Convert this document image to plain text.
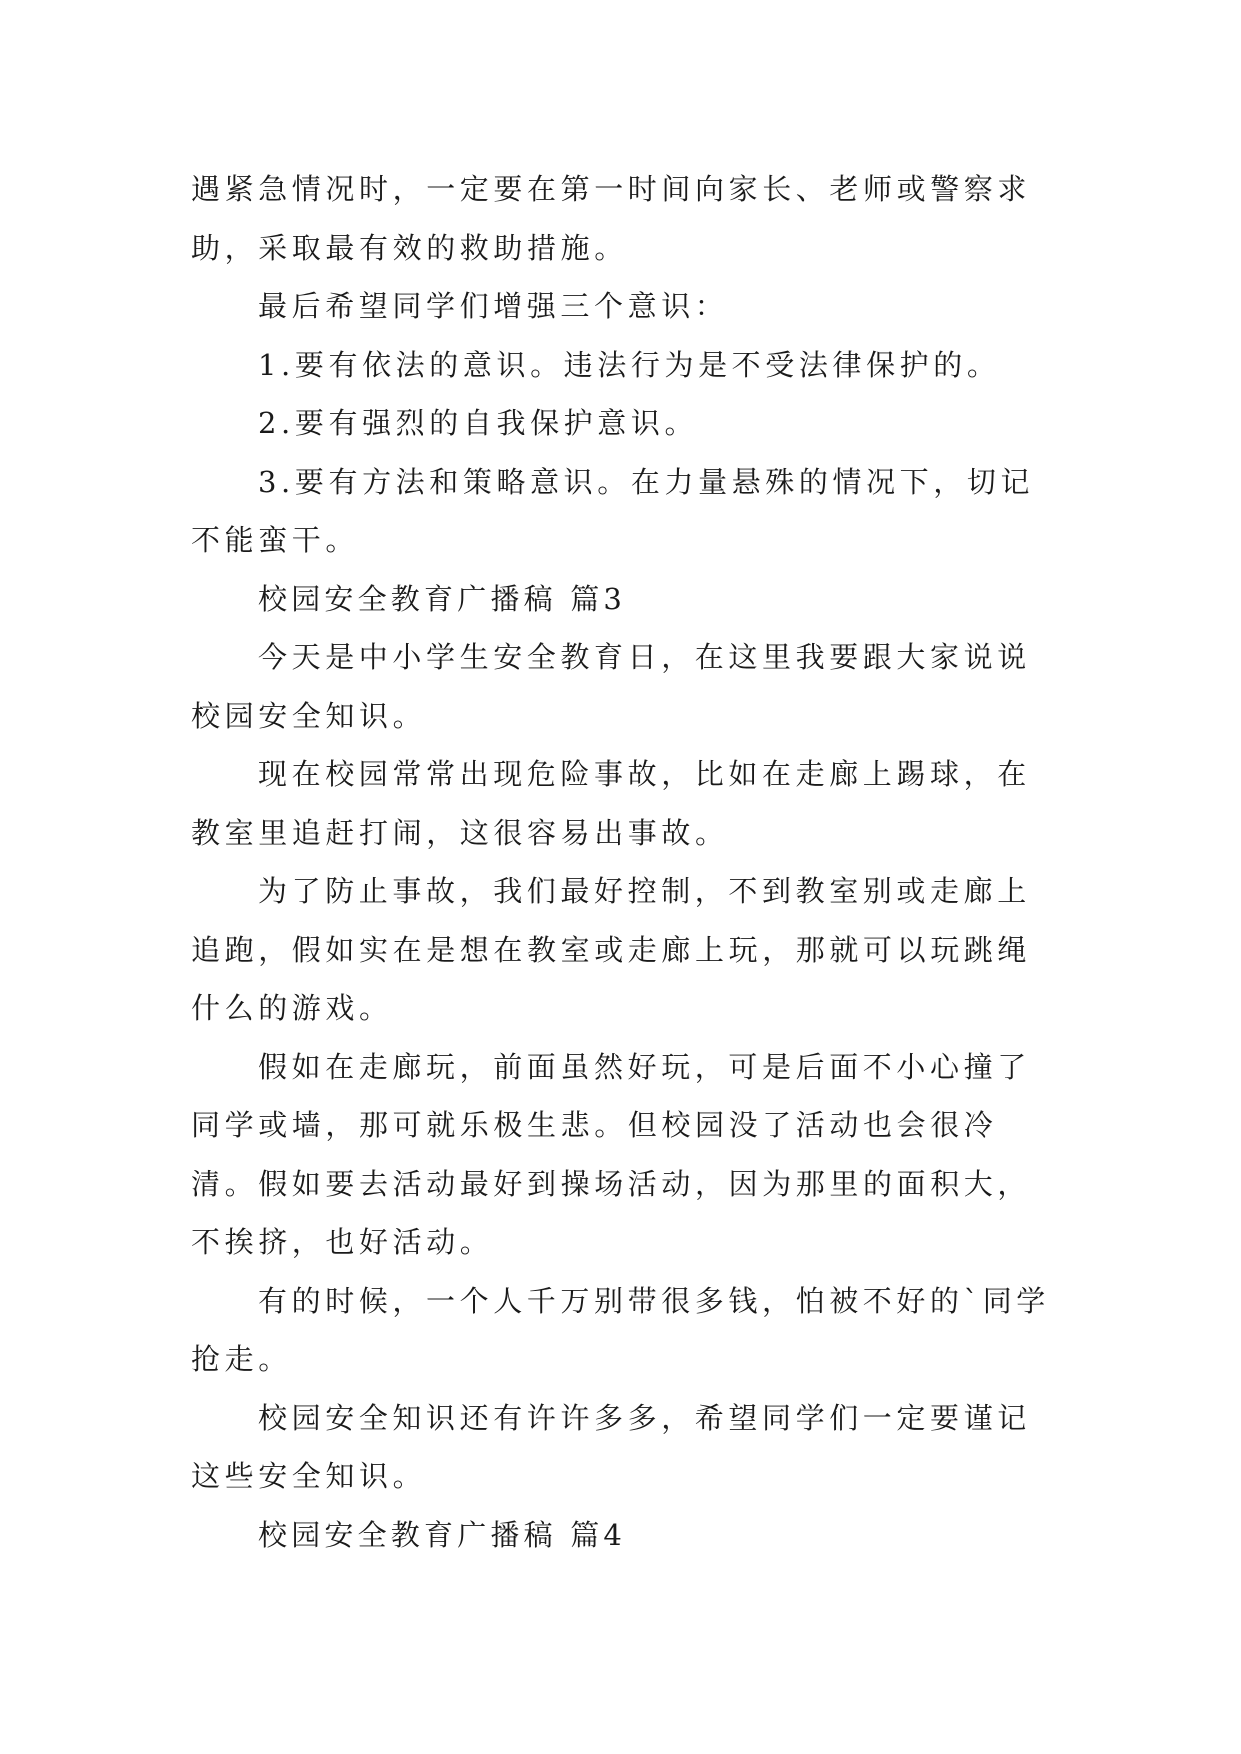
遇紧急情况时，一定要在第一时间向家长、老师或警察求助，采取最有效的救助措施。

最后希望同学们增强三个意识：

1.要有依法的意识。违法行为是不受法律保护的。

2.要有强烈的自我保护意识。

3.要有方法和策略意识。在力量悬殊的情况下，切记不能蛮干。

校园安全教育广播稿 篇3

今天是中小学生安全教育日，在这里我要跟大家说说校园安全知识。

现在校园常常出现危险事故，比如在走廊上踢球，在教室里追赶打闹，这很容易出事故。

为了防止事故，我们最好控制，不到教室别或走廊上追跑，假如实在是想在教室或走廊上玩，那就可以玩跳绳什么的游戏。

假如在走廊玩，前面虽然好玩，可是后面不小心撞了同学或墙，那可就乐极生悲。但校园没了活动也会很冷清。假如要去活动最好到操场活动，因为那里的面积大，不挨挤，也好活动。

有的时候，一个人千万别带很多钱，怕被不好的`同学抢走。

校园安全知识还有许许多多，希望同学们一定要谨记这些安全知识。

校园安全教育广播稿 篇4
